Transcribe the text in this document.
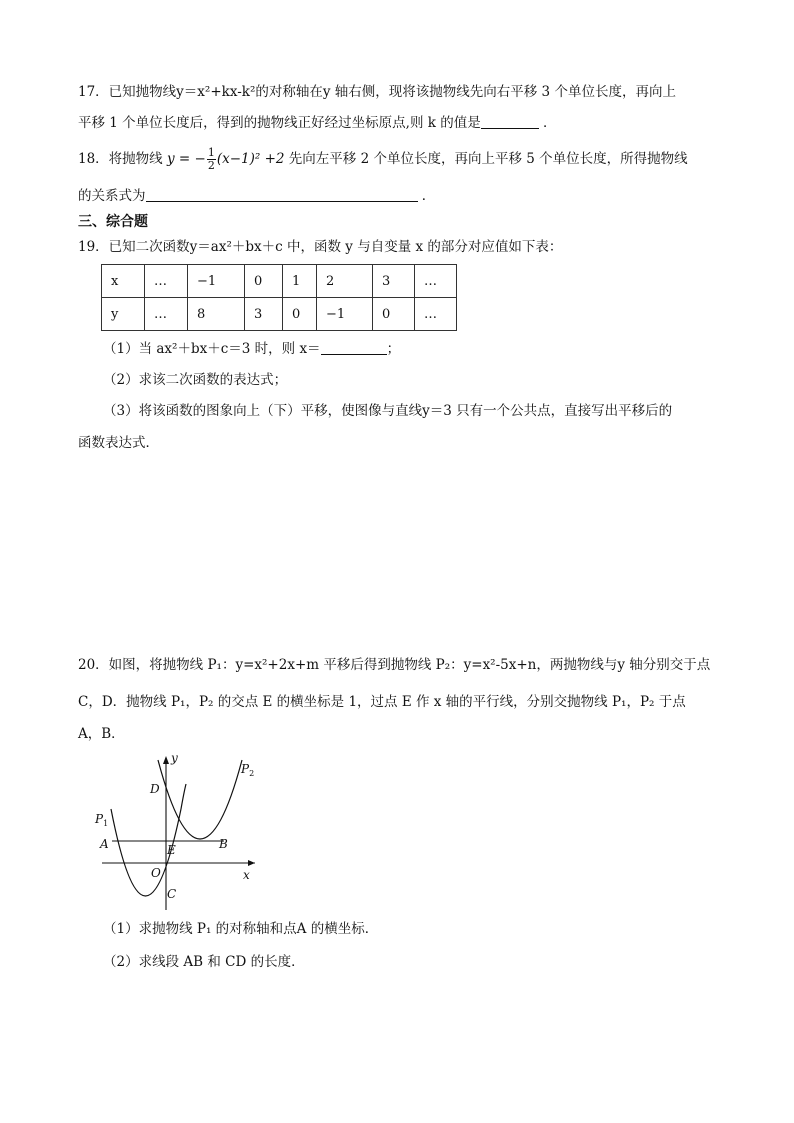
17．已知抛物线y＝x²+kx-k²的对称轴在y 轴右侧，现将该抛物线先向右平移 3 个单位长度，再向上
平移 1 个单位长度后，得到的抛物线正好经过坐标原点,则 k 的值是	．
18．将抛物线 y = − $\frac{1}{2} (x-1)^2 +2$ 先向左平移 2 个单位长度，再向上平移 5 个单位长度，所得抛物线
的关系式为	．
三、综合题
19．已知二次函数y＝ax²＋bx＋c 中，函数 y 与自变量 x 的部分对应值如下表：
x	…	−1	0	1	2	3	…
y	…	8	3	0	−1	0	…
（1）当 ax²＋bx＋c＝3 时，则 x＝	；
（2）求该二次函数的表达式；
（3）将该函数的图象向上（下）平移，使图像与直线y＝3 只有一个公共点，直接写出平移后的
函数表达式．
20．如图，将抛物线 P₁：y=x²+2x+m 平移后得到抛物线 P₂：y=x²-5x+n，两抛物线与y 轴分别交于点
C，D．抛物线 P₁，P₂ 的交点 E 的横坐标是 1，过点 E 作 x 轴的平行线，分别交抛物线 P₁，P₂ 于点
A，B．
y
x
D
$P_1$
$P_2$
A	E	B
O
C
（1）求抛物线 P₁ 的对称轴和点A 的横坐标．
（2）求线段 AB 和 CD 的长度．
